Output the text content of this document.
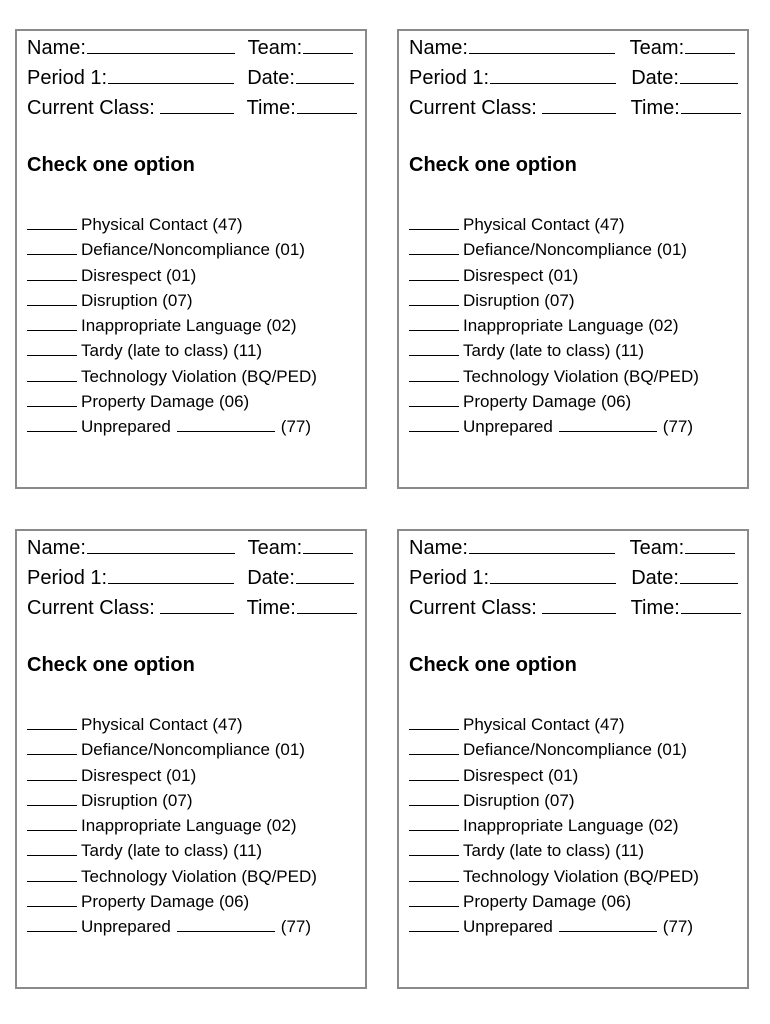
Name:	Team:
Period 1:	Date:
Current Class:	Time:
Check one option
Physical Contact (47)
Defiance/Noncompliance (01)
Disrespect (01)
Disruption (07)
Inappropriate Language (02)
Tardy (late to class) (11)
Technology Violation (BQ/PED)
Property Damage (06)
Unprepared	(77)
Name:	Team:
Period 1:	Date:
Current Class:	Time:
Check one option
Physical Contact (47)
Defiance/Noncompliance (01)
Disrespect (01)
Disruption (07)
Inappropriate Language (02)
Tardy (late to class) (11)
Technology Violation (BQ/PED)
Property Damage (06)
Unprepared	(77)
Name:	Team:
Period 1:	Date:
Current Class:	Time:
Check one option
Physical Contact (47)
Defiance/Noncompliance (01)
Disrespect (01)
Disruption (07)
Inappropriate Language (02)
Tardy (late to class) (11)
Technology Violation (BQ/PED)
Property Damage (06)
Unprepared	(77)
Name:	Team:
Period 1:	Date:
Current Class:	Time:
Check one option
Physical Contact (47)
Defiance/Noncompliance (01)
Disrespect (01)
Disruption (07)
Inappropriate Language (02)
Tardy (late to class) (11)
Technology Violation (BQ/PED)
Property Damage (06)
Unprepared	(77)
